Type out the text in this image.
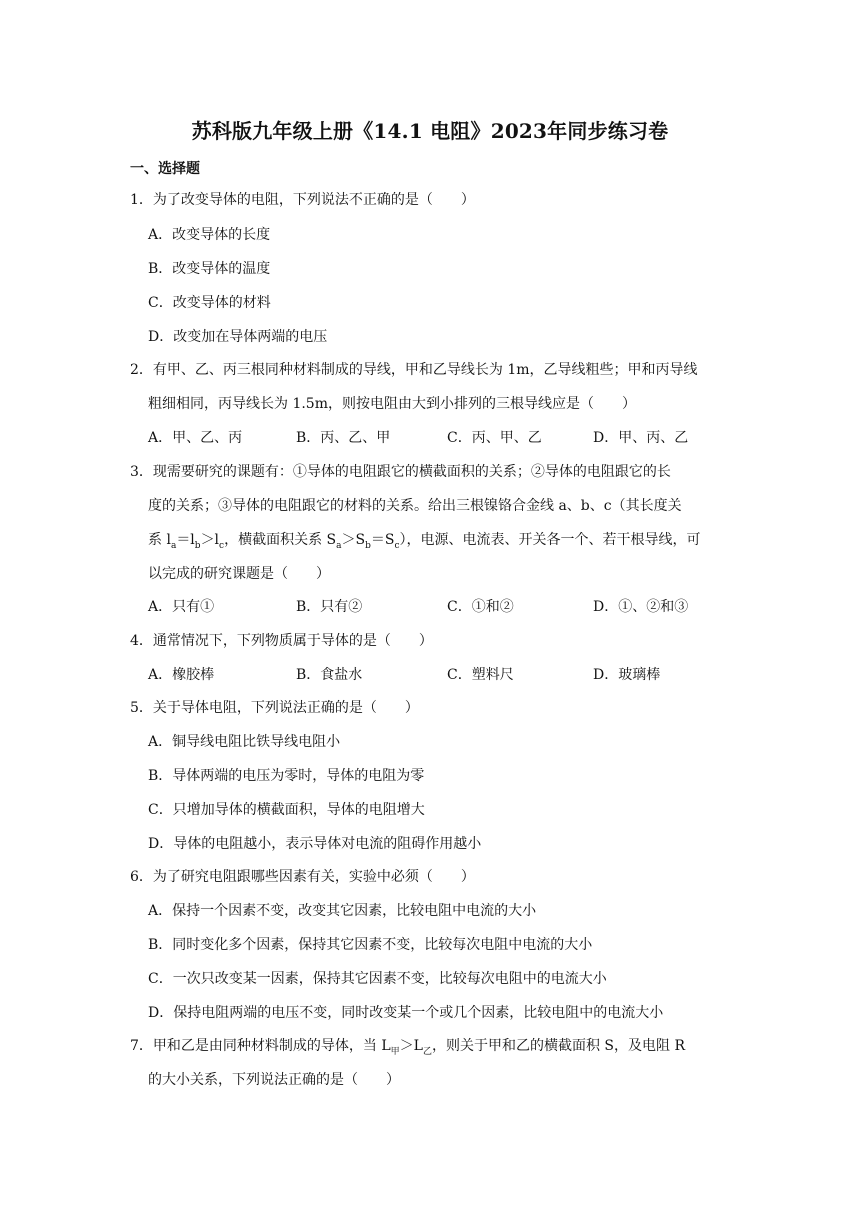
苏科版九年级上册《14.1 电阻》2023年同步练习卷
一、选择题
1．为了改变导体的电阻，下列说法不正确的是（　　）
A．改变导体的长度
B．改变导体的温度
C．改变导体的材料
D．改变加在导体两端的电压
2．有甲、乙、丙三根同种材料制成的导线，甲和乙导线长为 1m，乙导线粗些；甲和丙导线
粗细相同，丙导线长为 1.5m，则按电阻由大到小排列的三根导线应是（　　）
A．甲、乙、丙	B．丙、乙、甲	C．丙、甲、乙	D．甲、丙、乙
3．现需要研究的课题有：①导体的电阻跟它的横截面积的关系；②导体的电阻跟它的长
度的关系；③导体的电阻跟它的材料的关系。给出三根镍铬合金线 a、b、c（其长度关
系 $l_a=l_b>l_c$，横截面积关系 $S_a>S_b=S_c$），电源、电流表、开关各一个、若干根导线，可
以完成的研究课题是（　　）
A．只有①	B．只有②	C．①和②	D．①、②和③
4．通常情况下，下列物质属于导体的是（　　）
A．橡胶棒	B．食盐水	C．塑料尺	D．玻璃棒
5．关于导体电阻，下列说法正确的是（　　）
A．铜导线电阻比铁导线电阻小
B．导体两端的电压为零时，导体的电阻为零
C．只增加导体的横截面积，导体的电阻增大
D．导体的电阻越小，表示导体对电流的阻碍作用越小
6．为了研究电阻跟哪些因素有关，实验中必须（　　）
A．保持一个因素不变，改变其它因素，比较电阻中电流的大小
B．同时变化多个因素，保持其它因素不变，比较每次电阻中电流的大小
C．一次只改变某一因素，保持其它因素不变，比较每次电阻中的电流大小
D．保持电阻两端的电压不变，同时改变某一个或几个因素，比较电阻中的电流大小
7．甲和乙是由同种材料制成的导体，当 $L_甲>L_乙$，则关于甲和乙的横截面积 S，及电阻 R
的大小关系，下列说法正确的是（　　）
